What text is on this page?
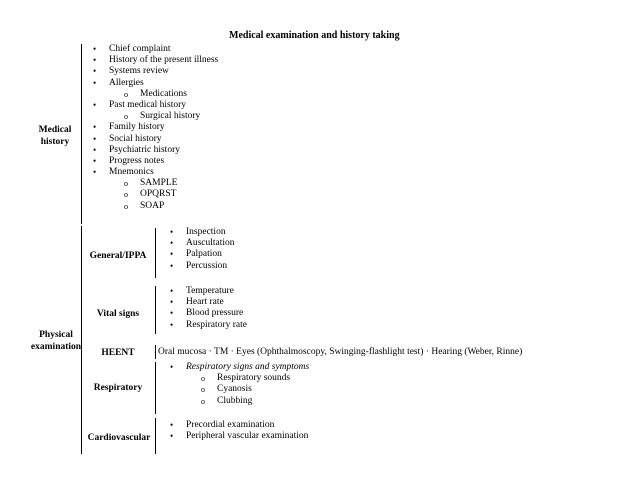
Medical examination and history taking
Medical
history
• Chief complaint
• History of the present illness
• Systems review
• Allergies
o Medications
• Past medical history
o Surgical history
• Family history
• Social history
• Psychiatric history
• Progress notes
• Mnemonics
o SAMPLE
o OPQRST
o SOAP
Physical
examination
General/IPPA
• Inspection
• Auscultation
• Palpation
• Percussion
Vital signs
• Temperature
• Heart rate
• Blood pressure
• Respiratory rate
HEENT	Oral mucosa · TM · Eyes (Ophthalmoscopy, Swinging-flashlight test) · Hearing (Weber, Rinne)
Respiratory
• Respiratory signs and symptoms
o Respiratory sounds
o Cyanosis
o Clubbing
Cardiovascular
• Precordial examination
• Peripheral vascular examination
